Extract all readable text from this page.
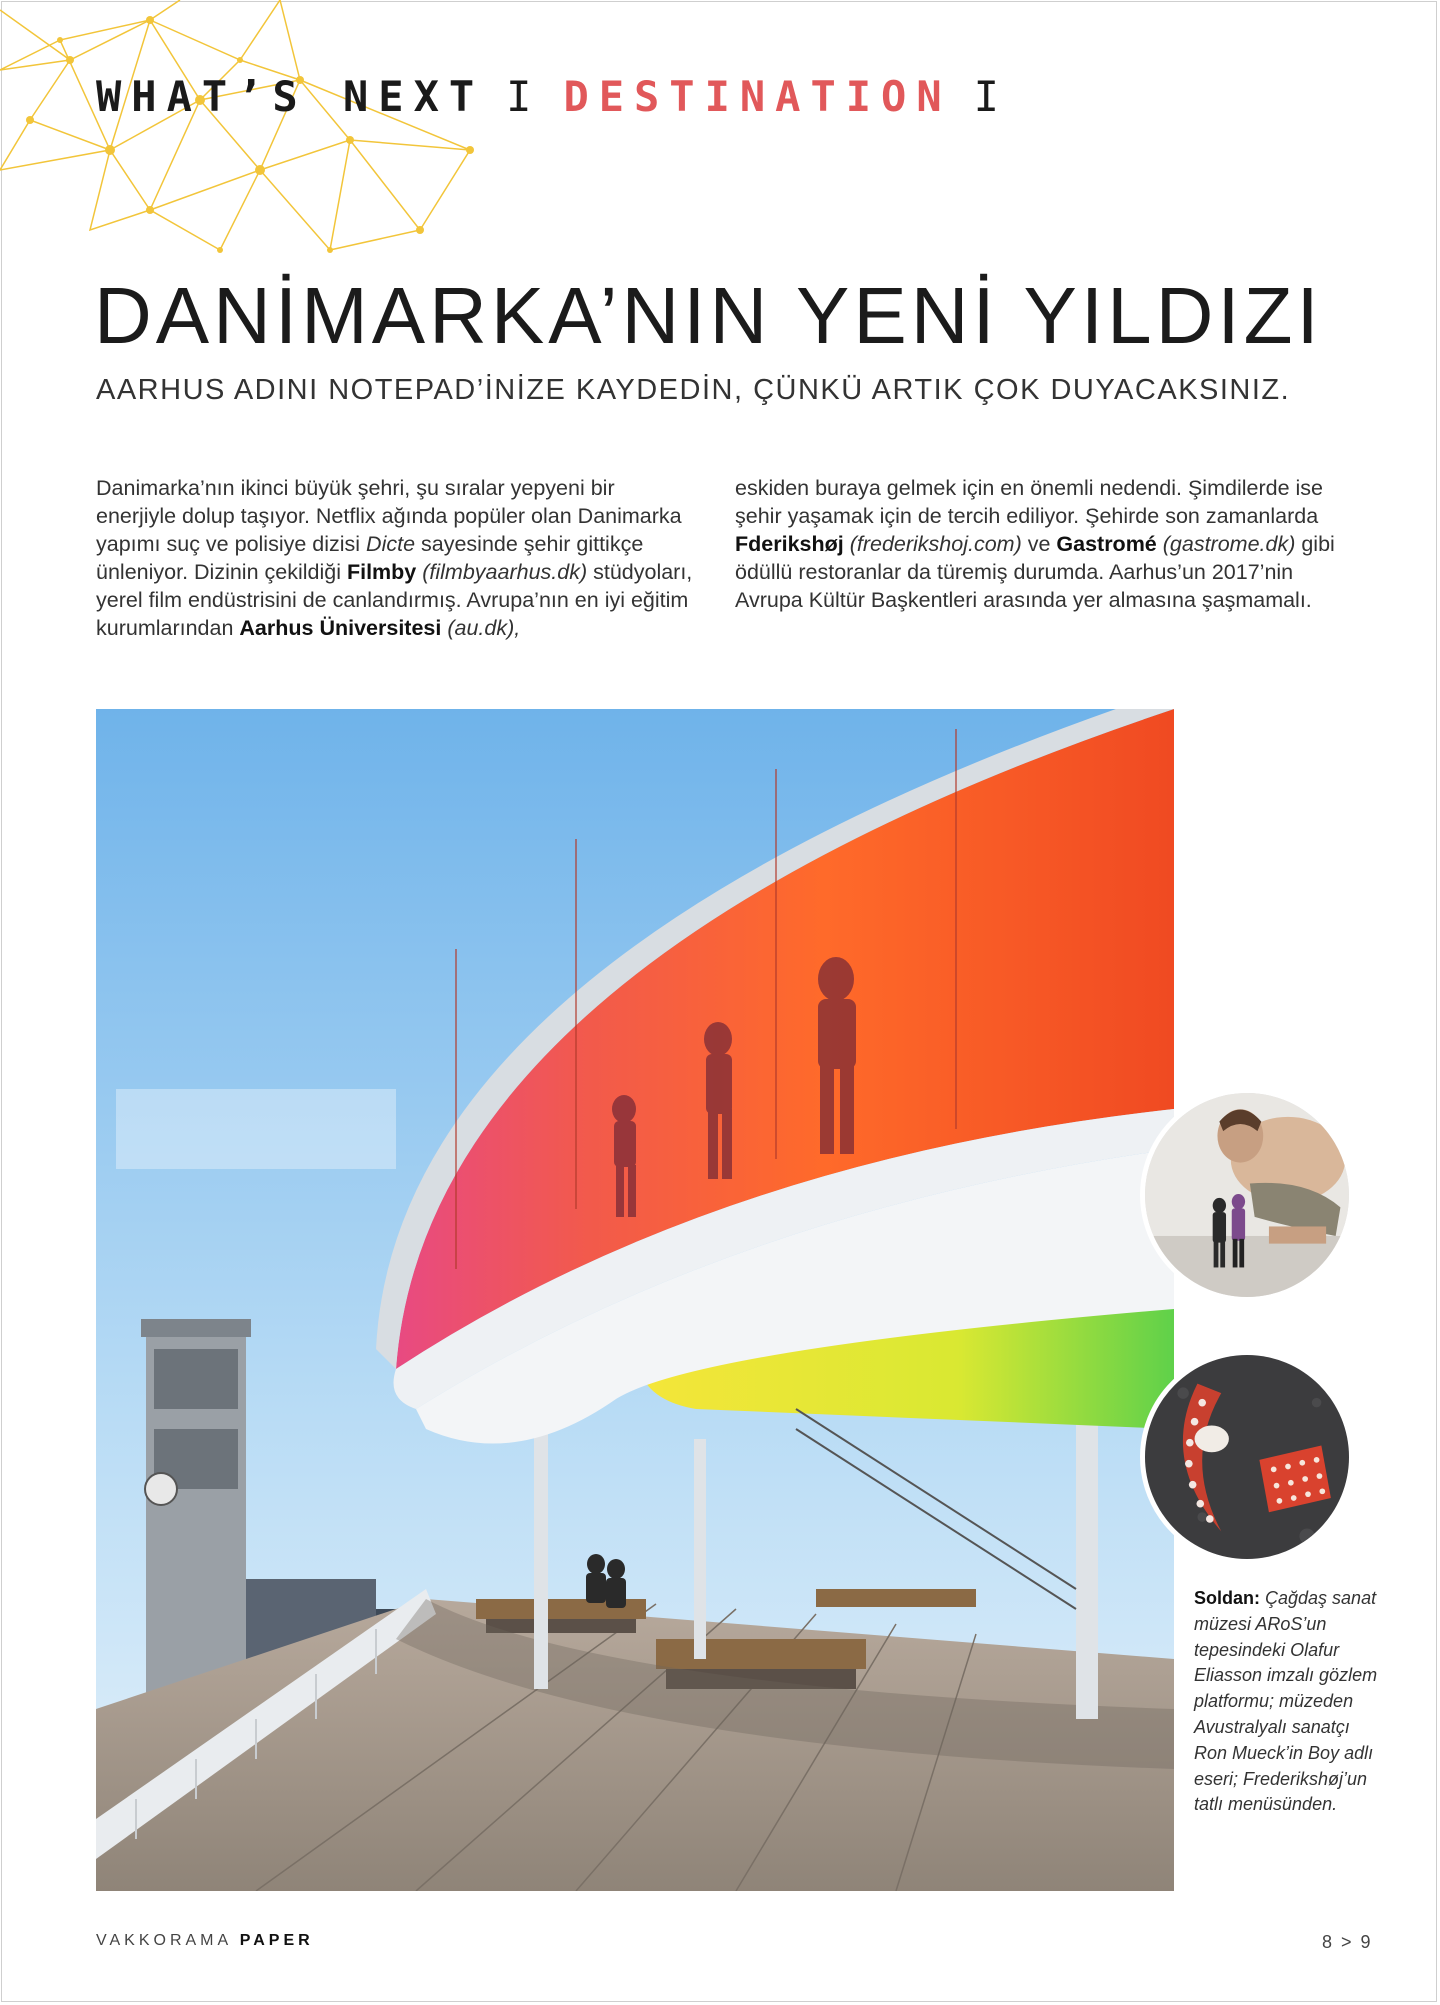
WHAT’S NEXT I DESTINATION I
DANİMARKA’NIN YENİ YILDIZI
AARHUS ADINI NOTEPAD’İNİZE KAYDEDİN, ÇÜNKÜ ARTIK ÇOK DUYACAKSINIZ.
Danimarka’nın ikinci büyük şehri, şu sıralar yepyeni bir enerjiyle dolup taşıyor. Netflix ağında popüler olan Danimarka yapımı suç ve polisiye dizisi Dicte sayesinde şehir gittikçe ünleniyor. Dizinin çekildiği Filmby (filmbyaarhus.dk) stüdyoları, yerel film endüstrisini de canlandırmış. Avrupa’nın en iyi eğitim kurumlarından Aarhus Üniversitesi (au.dk),
eskiden buraya gelmek için en önemli nedendi. Şimdilerde ise şehir yaşamak için de tercih ediliyor. Şehirde son zamanlarda Fderikshøj (frederikshoj.com) ve Gastromé (gastrome.dk) gibi ödüllü restoranlar da türemiş durumda. Aarhus’un 2017’nin Avrupa Kültür Başkentleri arasında yer almasına şaşmamalı.
Soldan: Çağdaş sanat müzesi ARoS’un tepesindeki Olafur Eliasson imzalı gözlem platformu; müzeden Avustralyalı sanatçı Ron Mueck’in Boy adlı eseri; Frederikshøj’un tatlı menüsünden.
VAKKORAMA PAPER	8 > 9
